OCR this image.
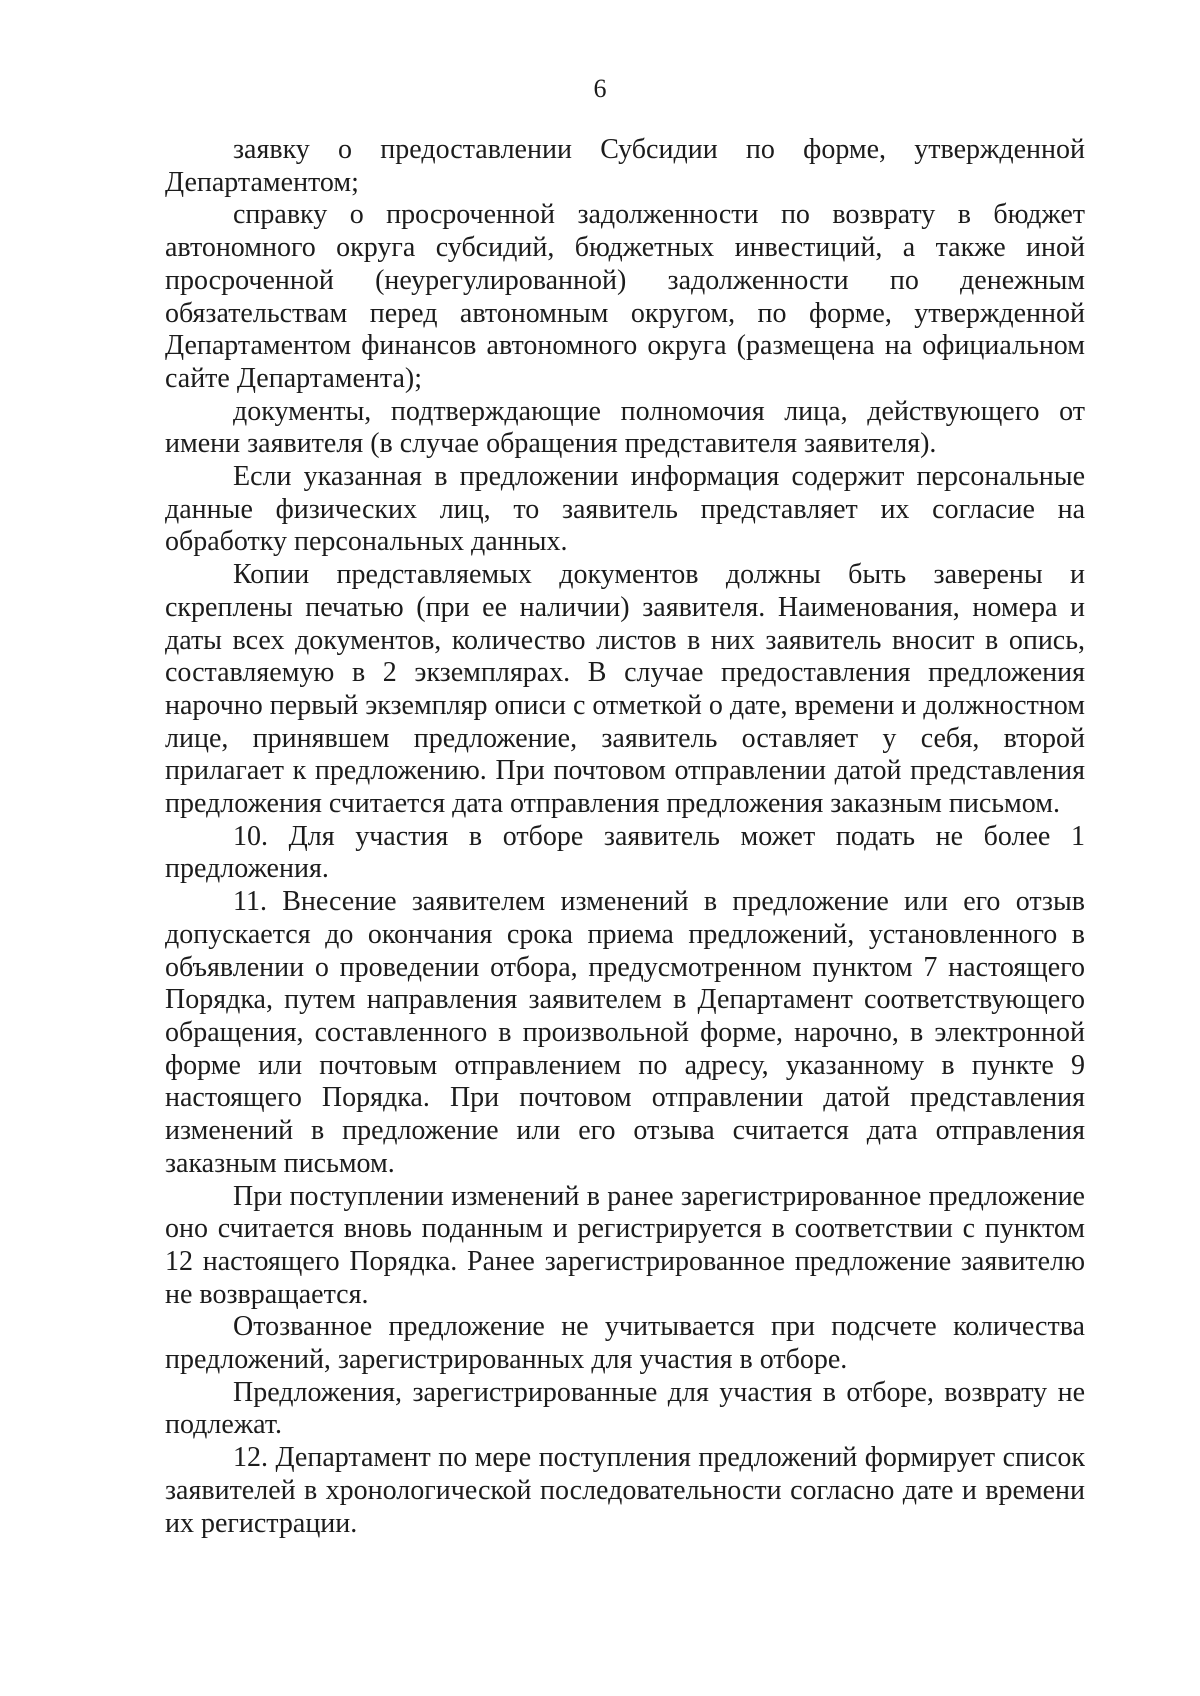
6

заявку о предоставлении Субсидии по форме, утвержденной Департаментом;

справку о просроченной задолженности по возврату в бюджет автономного округа субсидий, бюджетных инвестиций, а также иной просроченной (неурегулированной) задолженности по денежным обязательствам перед автономным округом, по форме, утвержденной Департаментом финансов автономного округа (размещена на официальном сайте Департамента);

документы, подтверждающие полномочия лица, действующего от имени заявителя (в случае обращения представителя заявителя).

Если указанная в предложении информация содержит персональные данные физических лиц, то заявитель представляет их согласие на обработку персональных данных.

Копии представляемых документов должны быть заверены и скреплены печатью (при ее наличии) заявителя. Наименования, номера и даты всех документов, количество листов в них заявитель вносит в опись, составляемую в 2 экземплярах. В случае предоставления предложения нарочно первый экземпляр описи с отметкой о дате, времени и должностном лице, принявшем предложение, заявитель оставляет у себя, второй прилагает к предложению. При почтовом отправлении датой представления предложения считается дата отправления предложения заказным письмом.

10. Для участия в отборе заявитель может подать не более 1 предложения.

11. Внесение заявителем изменений в предложение или его отзыв допускается до окончания срока приема предложений, установленного в объявлении о проведении отбора, предусмотренном пунктом 7 настоящего Порядка, путем направления заявителем в Департамент соответствующего обращения, составленного в произвольной форме, нарочно, в электронной форме или почтовым отправлением по адресу, указанному в пункте 9 настоящего Порядка. При почтовом отправлении датой представления изменений в предложение или его отзыва считается дата отправления заказным письмом.

При поступлении изменений в ранее зарегистрированное предложение оно считается вновь поданным и регистрируется в соответствии с пунктом 12 настоящего Порядка. Ранее зарегистрированное предложение заявителю не возвращается.

Отозванное предложение не учитывается при подсчете количества предложений, зарегистрированных для участия в отборе.

Предложения, зарегистрированные для участия в отборе, возврату не подлежат.

12. Департамент по мере поступления предложений формирует список заявителей в хронологической последовательности согласно дате и времени их регистрации.
